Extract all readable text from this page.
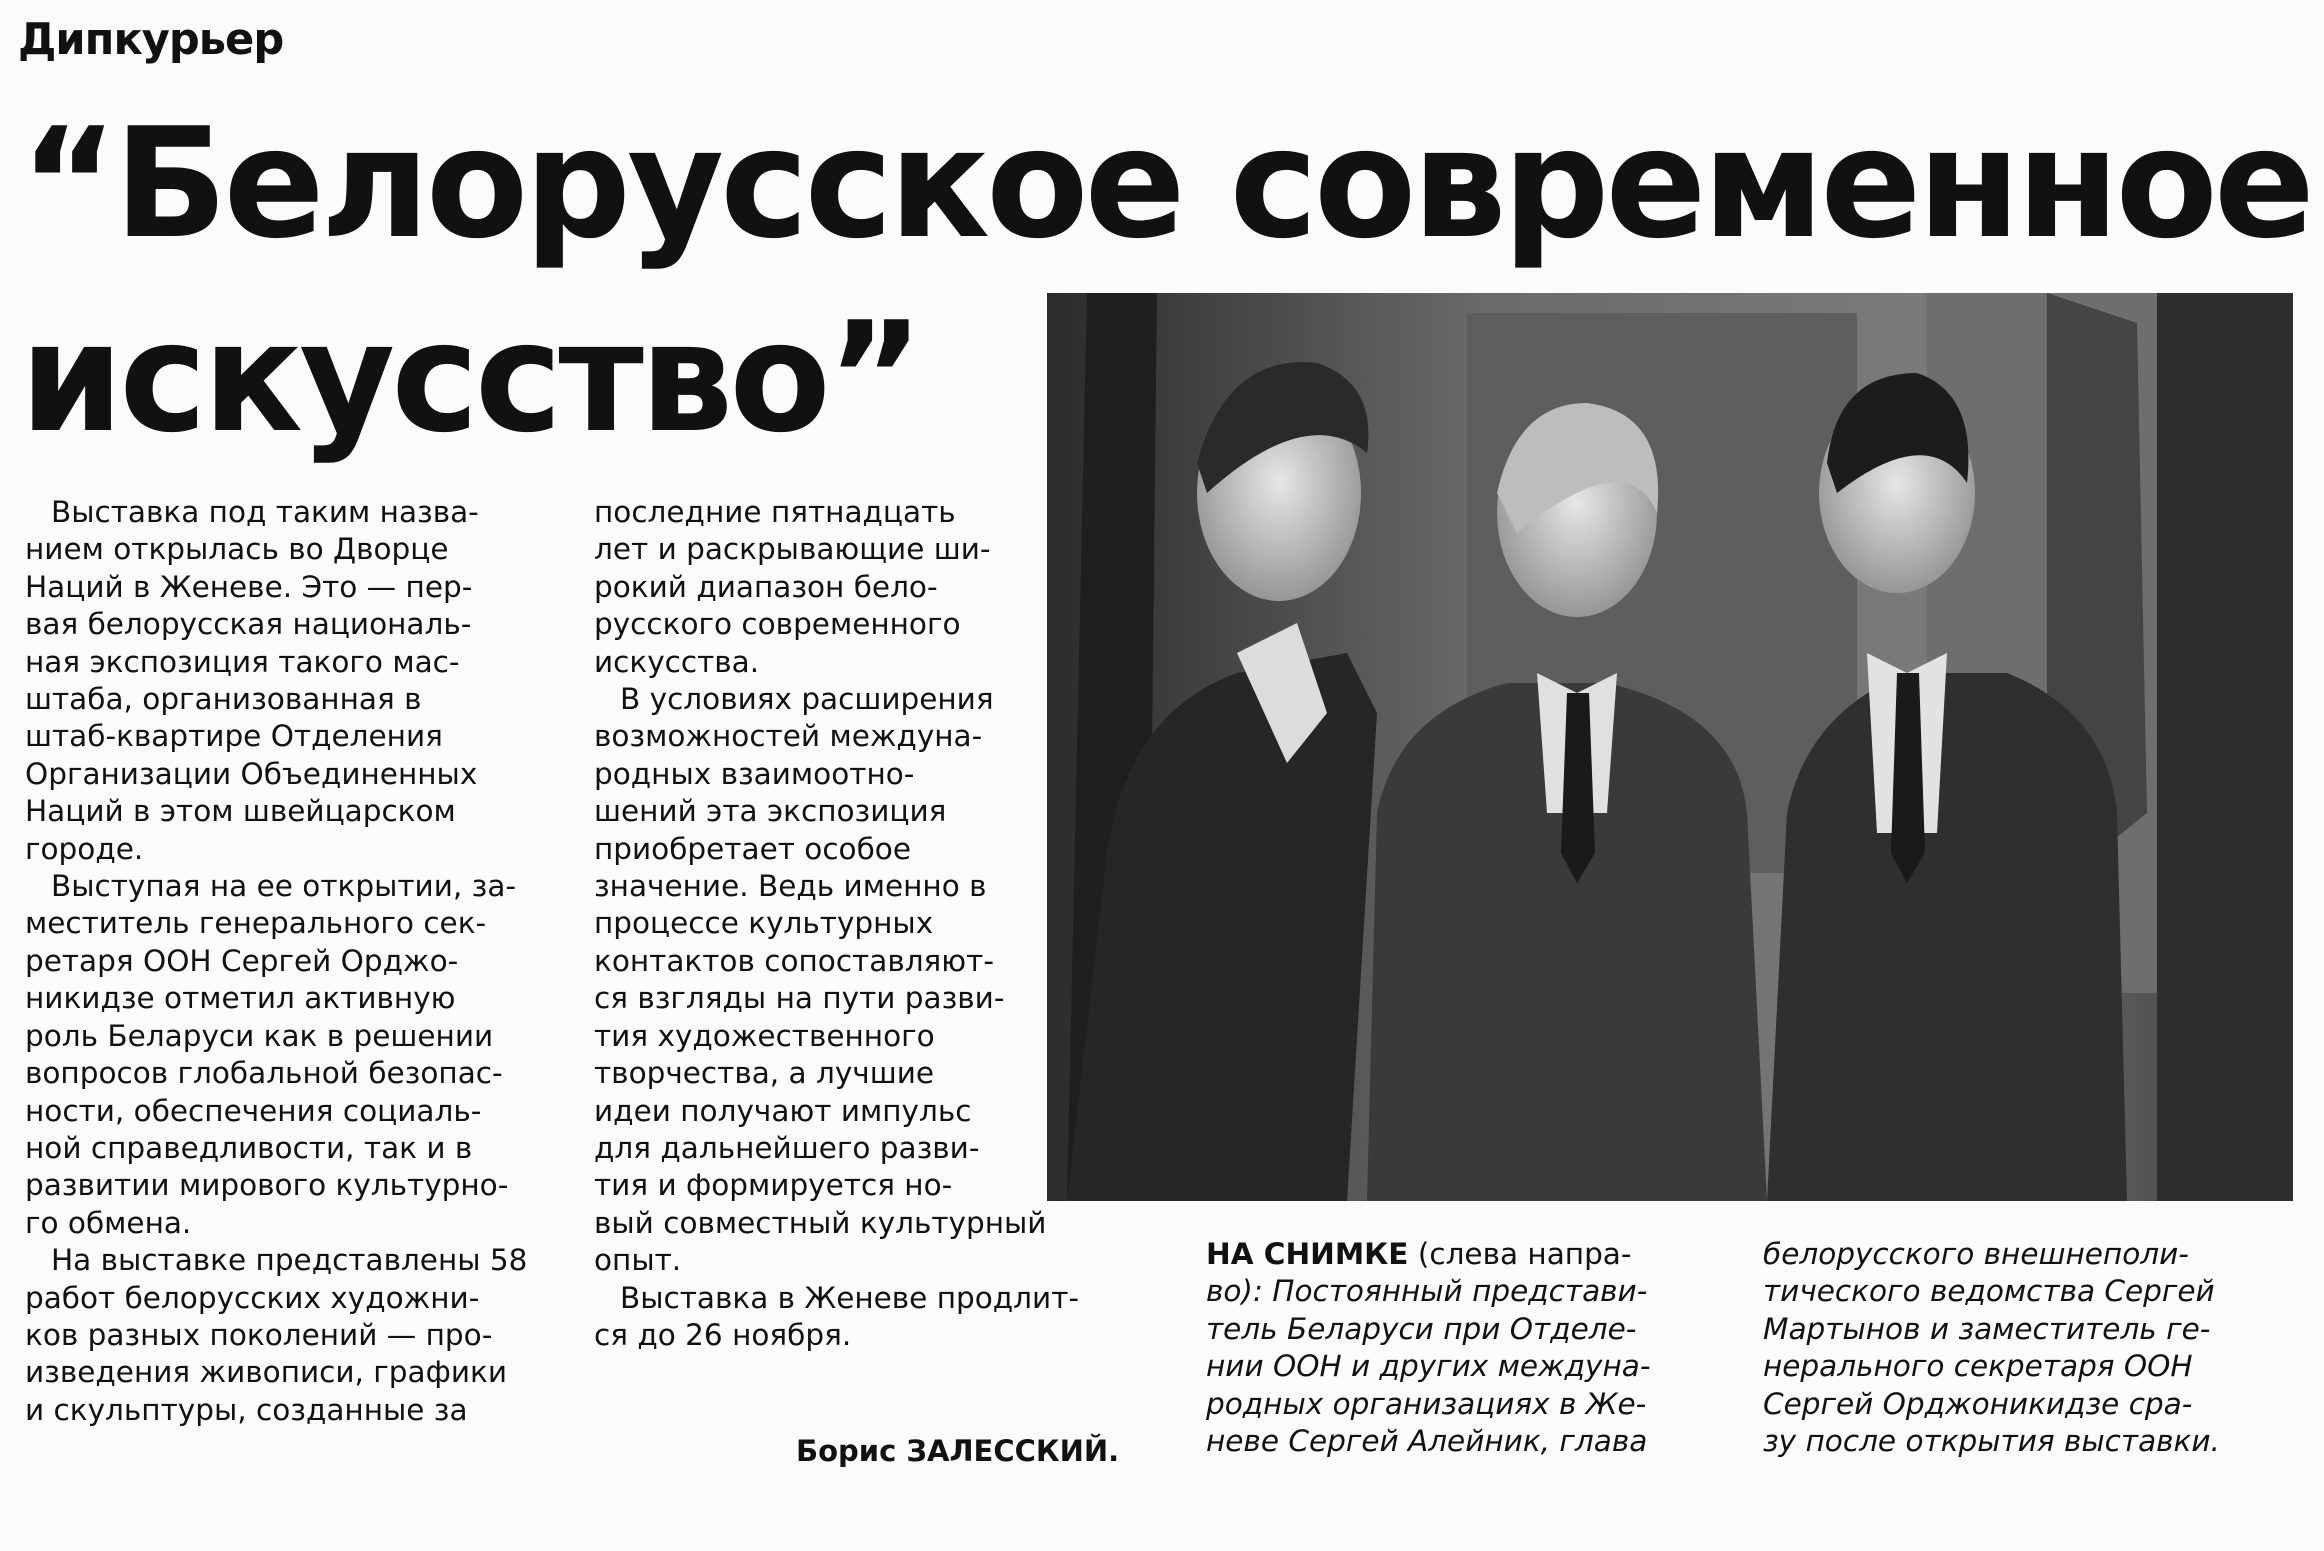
Дипкурьер
“Белорусское современное
искусство”

Выставка под таким назва-

нием открылась во Дворце

Наций в Женеве. Это — пер-

вая белорусская националь-

ная экспозиция такого мас-

штаба, организованная в

штаб-квартире Отделения

Организации Объединенных

Наций в этом швейцарском

городе.

Выступая на ее открытии, за-

меститель генерального сек-

ретаря ООН Сергей Орджо-

никидзе отметил активную

роль Беларуси как в решении

вопросов глобальной безопас-

ности, обеспечения социаль-

ной справедливости, так и в

развитии мирового культурно-

го обмена.

На выставке представлены 58

работ белорусских художни-

ков разных поколений — про-

изведения живописи, графики

и скульптуры, созданные за

последние пятнадцать

лет и раскрывающие ши-

рокий диапазон бело-

русского современного

искусства.

В условиях расширения

возможностей междуна-

родных взаимоотно-

шений эта экспозиция

приобретает особое

значение. Ведь именно в

процессе культурных

контактов сопоставляют-

ся взгляды на пути разви-

тия художественного

творчества, а лучшие

идеи получают импульс

для дальнейшего разви-

тия и формируется но-

вый совместный культурный

опыт.

Выставка в Женеве продлит-

ся до 26 ноября.

Борис ЗАЛЕССКИЙ.

НА СНИМКЕ (слева напра-

во): Постоянный представи-

тель Беларуси при Отделе-

нии ООН и других междуна-

родных организациях в Же-

неве Сергей Алейник, глава

белорусского внешнеполи-

тического ведомства Сергей

Мартынов и заместитель ге-

нерального секретаря ООН

Сергей Орджоникидзе сра-

зу после открытия выставки.
